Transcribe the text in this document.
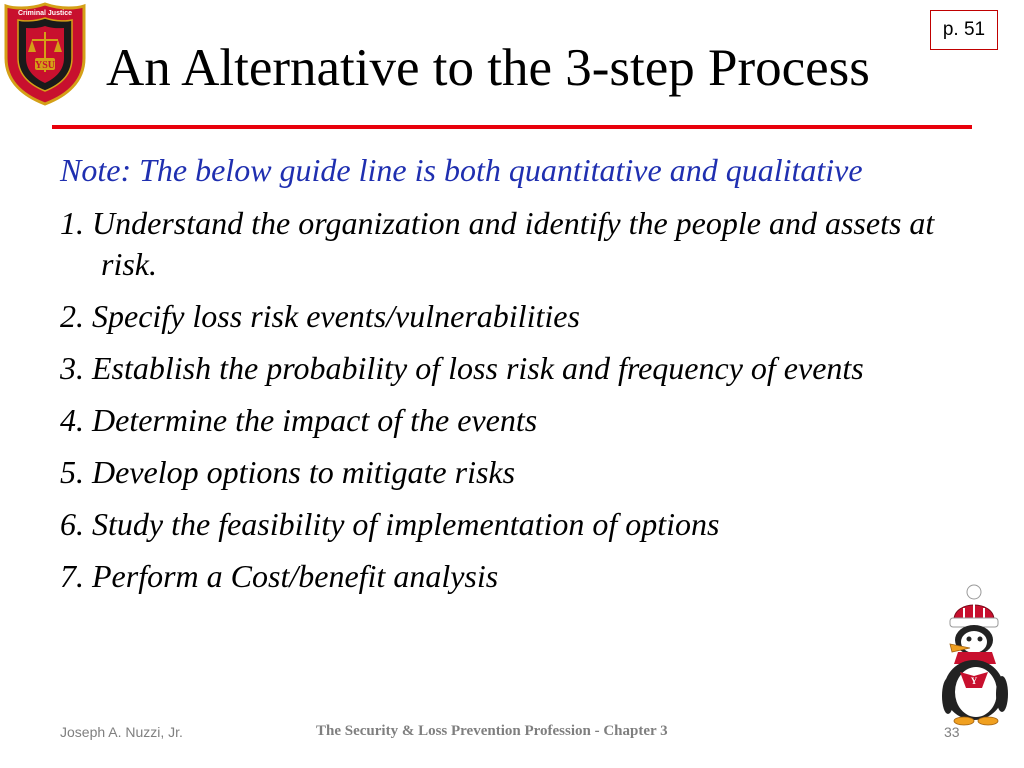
YSU
Criminal Justice
An Alternative to the 3-step Process
p. 51

Note: The below guide line is both quantitative and qualitative

1. Understand the organization and identify the people and assets at risk.
2. Specify loss risk events/vulnerabilities
3. Establish the probability of loss risk and frequency of events
4. Determine the impact of the events
5. Develop options to mitigate risks
6. Study the feasibility of implementation of options
7. Perform a Cost/benefit analysis
Y
Joseph A. Nuzzi, Jr.	The Security & Loss Prevention Profession - Chapter 3	33
